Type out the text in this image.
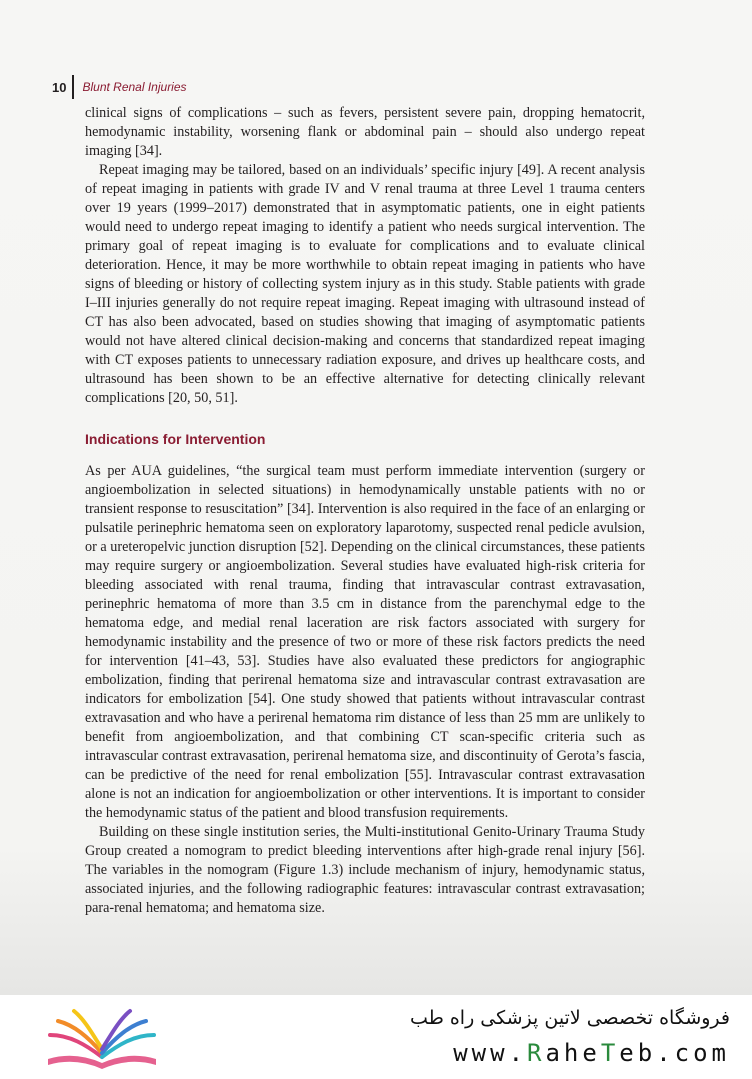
10	Blunt Renal Injuries

clinical signs of complications – such as fevers, persistent severe pain, dropping hematocrit, hemodynamic instability, worsening flank or abdominal pain – should also undergo repeat imaging [34].

Repeat imaging may be tailored, based on an individuals’ specific injury [49]. A recent analysis of repeat imaging in patients with grade IV and V renal trauma at three Level 1 trauma centers over 19 years (1999–2017) demonstrated that in asymptomatic patients, one in eight patients would need to undergo repeat imaging to identify a patient who needs surgical intervention. The primary goal of repeat imaging is to evaluate for complications and to evaluate clinical deterioration. Hence, it may be more worthwhile to obtain repeat imaging in patients who have signs of bleeding or history of collecting system injury as in this study. Stable patients with grade I–III injuries generally do not require repeat imaging. Repeat imaging with ultrasound instead of CT has also been advocated, based on studies showing that imaging of asymptomatic patients would not have altered clinical decision-making and concerns that standardized repeat imaging with CT exposes patients to unnecessary radiation exposure, and drives up healthcare costs, and ultrasound has been shown to be an effective alternative for detecting clinically relevant complications [20, 50, 51].

Indications for Intervention

As per AUA guidelines, “the surgical team must perform immediate intervention (surgery or angioembolization in selected situations) in hemodynamically unstable patients with no or transient response to resuscitation” [34]. Intervention is also required in the face of an enlarging or pulsatile perinephric hematoma seen on exploratory laparotomy, suspected renal pedicle avulsion, or a ureteropelvic junction disruption [52]. Depending on the clinical circumstances, these patients may require surgery or angioembolization. Several studies have evaluated high-risk criteria for bleeding associated with renal trauma, finding that intravascular contrast extravasation, perinephric hematoma of more than 3.5 cm in distance from the parenchymal edge to the hematoma edge, and medial renal laceration are risk factors associated with surgery for hemodynamic instability and the presence of two or more of these risk factors predicts the need for intervention [41–43, 53]. Studies have also evaluated these predictors for angiographic embolization, finding that perirenal hematoma size and intravascular contrast extravasation are indicators for embolization [54]. One study showed that patients without intravascular contrast extravasation and who have a perirenal hematoma rim distance of less than 25 mm are unlikely to benefit from angioembolization, and that combining CT scan-specific criteria such as intravascular contrast extravasation, perirenal hematoma size, and discontinuity of Gerota’s fascia, can be predictive of the need for renal embolization [55]. Intravascular contrast extravasation alone is not an indication for angioembolization or other interventions. It is important to consider the hemodynamic status of the patient and blood transfusion requirements.

Building on these single institution series, the Multi-institutional Genito-Urinary Trauma Study Group created a nomogram to predict bleeding interventions after high-grade renal injury [56]. The variables in the nomogram (Figure 1.3) include mechanism of injury, hemodynamic status, associated injuries, and the following radiographic features: intravascular contrast extravasation; para-renal hematoma; and hematoma size.

فروشگاه تخصصی لاتین پزشکی راه طب
www.RaheTeb.com
